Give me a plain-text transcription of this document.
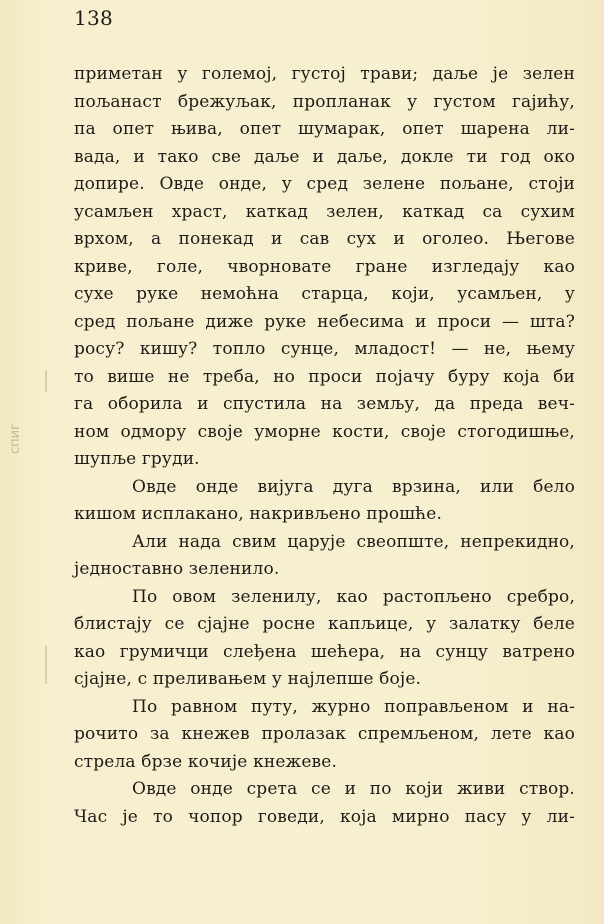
138
спиг
приметан у големој, густој трави; даље је зелен
пољанаст брежуљак, пропланак у густом гајићу,
па опет њива, опет шумарак, опет шарена ли-
вада, и тако све даље и даље, докле ти год око
допире. Овде онде, у сред зелене пољане, стоји
усамљен храст, каткад зелен, каткад са сухим
врхом, а понекад и сав сух и оголео. Његове
криве, голе, чворновате гране изгледају као
сухе руке немоћна старца, који, усамљен, у
сред пољане диже руке небесима и проси — шта?
росу? кишу? топло сунце, младост! — не, њему
то више не треба, но проси појачу буру која би
га оборила и спустила на земљу, да преда веч-
ном одмору своје уморне кости, своје стогодишње,
шупље груди.
Овде онде вијуга дуга врзина, или бело
кишом исплакано, накривљено прошће.
Али нада свим царује свеопште, непрекидно,
једноставно зеленило.
По овом зеленилу, као растопљено сребро,
блистају се сјајне росне капљице, у залатку беле
као грумичци слеђена шећера, на сунцу ватрено
сјајне, с преливањем у најлепше боје.
По равном путу, журно поправљеном и на-
рочито за кнежев пролазак спремљеном, лете као
стрела брзе кочије кнежеве.
Овде онде срета се и по који живи створ.
Час је то чопор говеди, која мирно пасу у ли-
